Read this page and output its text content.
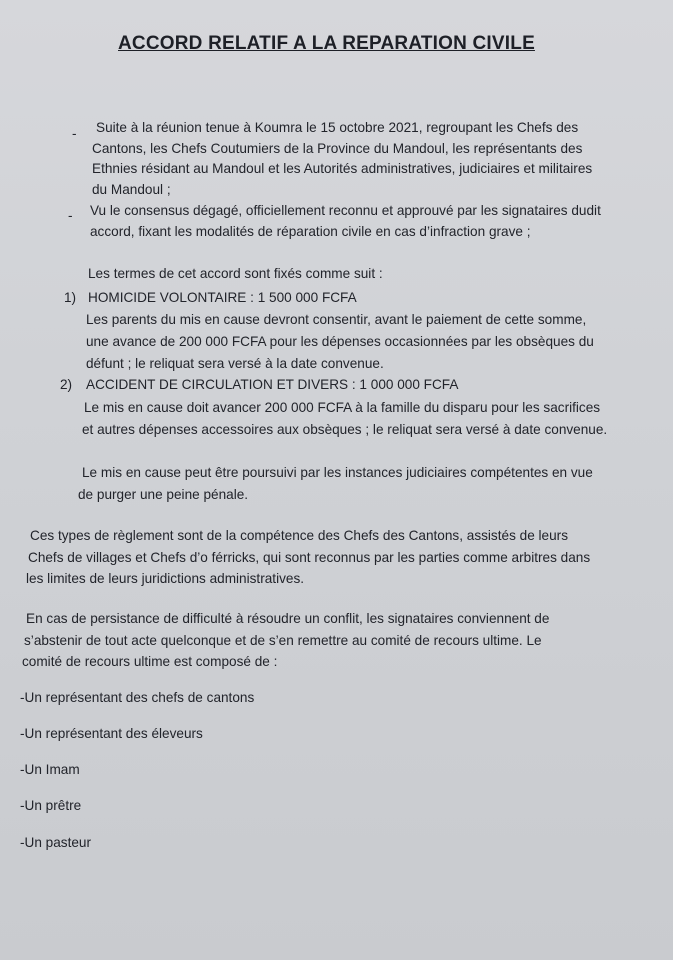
ACCORD RELATIF A LA REPARATION CIVILE
- Suite à la réunion tenue à Koumra le 15 octobre 2021, regroupant les Chefs des
Cantons, les Chefs Coutumiers de la Province du Mandoul, les représentants des
Ethnies résidant au Mandoul et les Autorités administratives, judiciaires et militaires
du Mandoul ;
- Vu le consensus dégagé, officiellement reconnu et approuvé par les signataires dudit
accord, fixant les modalités de réparation civile en cas d’infraction grave ;
Les termes de cet accord sont fixés comme suit :
1) HOMICIDE VOLONTAIRE : 1 500 000 FCFA
Les parents du mis en cause devront consentir, avant le paiement de cette somme,
une avance de 200 000 FCFA pour les dépenses occasionnées par les obsèques du
défunt ; le reliquat sera versé à la date convenue.
2) ACCIDENT DE CIRCULATION ET DIVERS : 1 000 000 FCFA
Le mis en cause doit avancer 200 000 FCFA à la famille du disparu pour les sacrifices
et autres dépenses accessoires aux obsèques ; le reliquat sera versé à date convenue.
Le mis en cause peut être poursuivi par les instances judiciaires compétentes en vue
de purger une peine pénale.
Ces types de règlement sont de la compétence des Chefs des Cantons, assistés de leurs
Chefs de villages et Chefs d’o férricks, qui sont reconnus par les parties comme arbitres dans
les limites de leurs juridictions administratives.
En cas de persistance de difficulté à résoudre un conflit, les signataires conviennent de
s’abstenir de tout acte quelconque et de s’en remettre au comité de recours ultime. Le
comité de recours ultime est composé de :
-Un représentant des chefs de cantons
-Un représentant des éleveurs
-Un Imam
-Un prêtre
-Un pasteur
